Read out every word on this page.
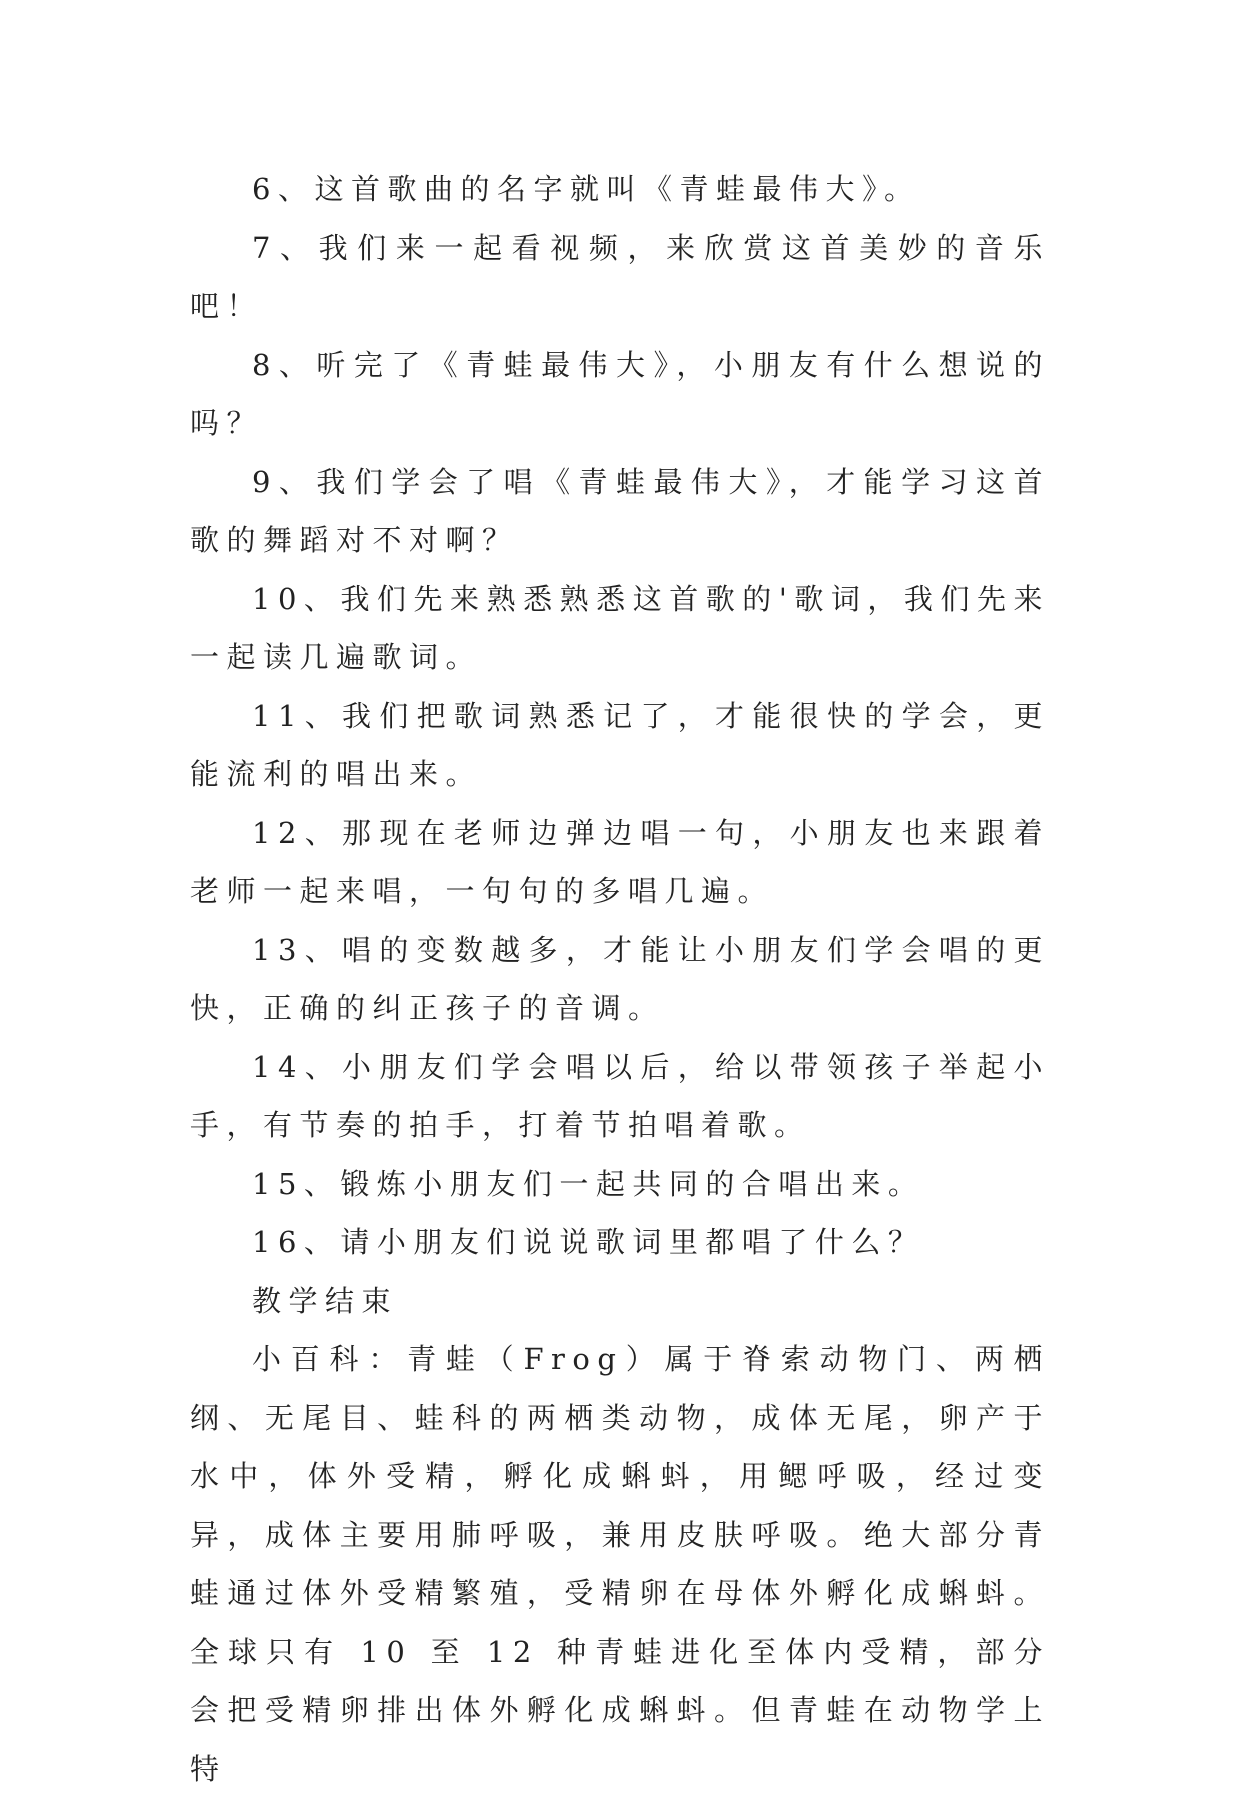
6、这首歌曲的名字就叫《青蛙最伟大》。

7、我们来一起看视频，来欣赏这首美妙的音乐吧！

8、听完了《青蛙最伟大》，小朋友有什么想说的吗？

9、我们学会了唱《青蛙最伟大》，才能学习这首歌的舞蹈对不对啊？

10、我们先来熟悉熟悉这首歌的'歌词，我们先来一起读几遍歌词。

11、我们把歌词熟悉记了，才能很快的学会，更能流利的唱出来。

12、那现在老师边弹边唱一句，小朋友也来跟着老师一起来唱，一句句的多唱几遍。

13、唱的变数越多，才能让小朋友们学会唱的更快，正确的纠正孩子的音调。

14、小朋友们学会唱以后，给以带领孩子举起小手，有节奏的拍手，打着节拍唱着歌。

15、锻炼小朋友们一起共同的合唱出来。

16、请小朋友们说说歌词里都唱了什么？

教学结束

小百科：青蛙（Frog）属于脊索动物门、两栖纲、无尾目、蛙科的两栖类动物，成体无尾，卵产于水中，体外受精，孵化成蝌蚪，用鳃呼吸，经过变异，成体主要用肺呼吸，兼用皮肤呼吸。绝大部分青蛙通过体外受精繁殖，受精卵在母体外孵化成蝌蚪。全球只有 10 至 12 种青蛙进化至体内受精，部分会把受精卵排出体外孵化成蝌蚪。但青蛙在动物学上特
